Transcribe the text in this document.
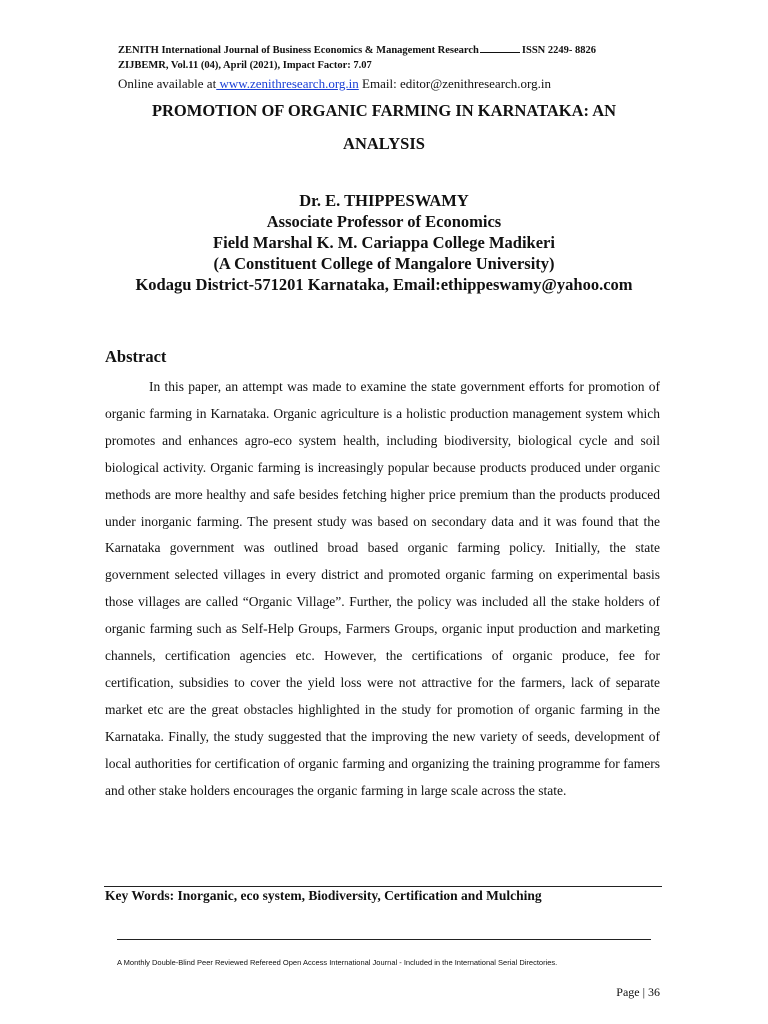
ZENITH International Journal of Business Economics & Management Research	ISSN 2249- 8826
ZIJBEMR, Vol.11 (04), April (2021), Impact Factor: 7.07
Online available at www.zenithresearch.org.in Email: editor@zenithresearch.org.in
PROMOTION OF ORGANIC FARMING IN KARNATAKA: AN
ANALYSIS
Dr. E. THIPPESWAMY
Associate Professor of Economics
Field Marshal K. M. Cariappa College Madikeri
(A Constituent College of Mangalore University)
Kodagu District-571201 Karnataka, Email:ethippeswamy@yahoo.com
Abstract
In this paper, an attempt was made to examine the state government efforts for promotion of organic farming in Karnataka. Organic agriculture is a holistic production management system which promotes and enhances agro-eco system health, including biodiversity, biological cycle and soil biological activity. Organic farming is increasingly popular because products produced under organic methods are more healthy and safe besides fetching higher price premium than the products produced under inorganic farming. The present study was based on secondary data and it was found that the Karnataka government was outlined broad based organic farming policy. Initially, the state government selected villages in every district and promoted organic farming on experimental basis those villages are called “Organic Village”. Further, the policy was included all the stake holders of organic farming such as Self-Help Groups, Farmers Groups, organic input production and marketing channels, certification agencies etc. However, the certifications of organic produce, fee for certification, subsidies to cover the yield loss were not attractive for the farmers, lack of separate market etc are the great obstacles highlighted in the study for promotion of organic farming in the Karnataka. Finally, the study suggested that the improving the new variety of seeds, development of local authorities for certification of organic farming and organizing the training programme for famers and other stake holders encourages the organic farming in large scale across the state.
Key Words: Inorganic, eco system, Biodiversity, Certification and Mulching
A Monthly Double-Blind Peer Reviewed Refereed Open Access International Journal - Included in the International Serial Directories.
Page | 36
